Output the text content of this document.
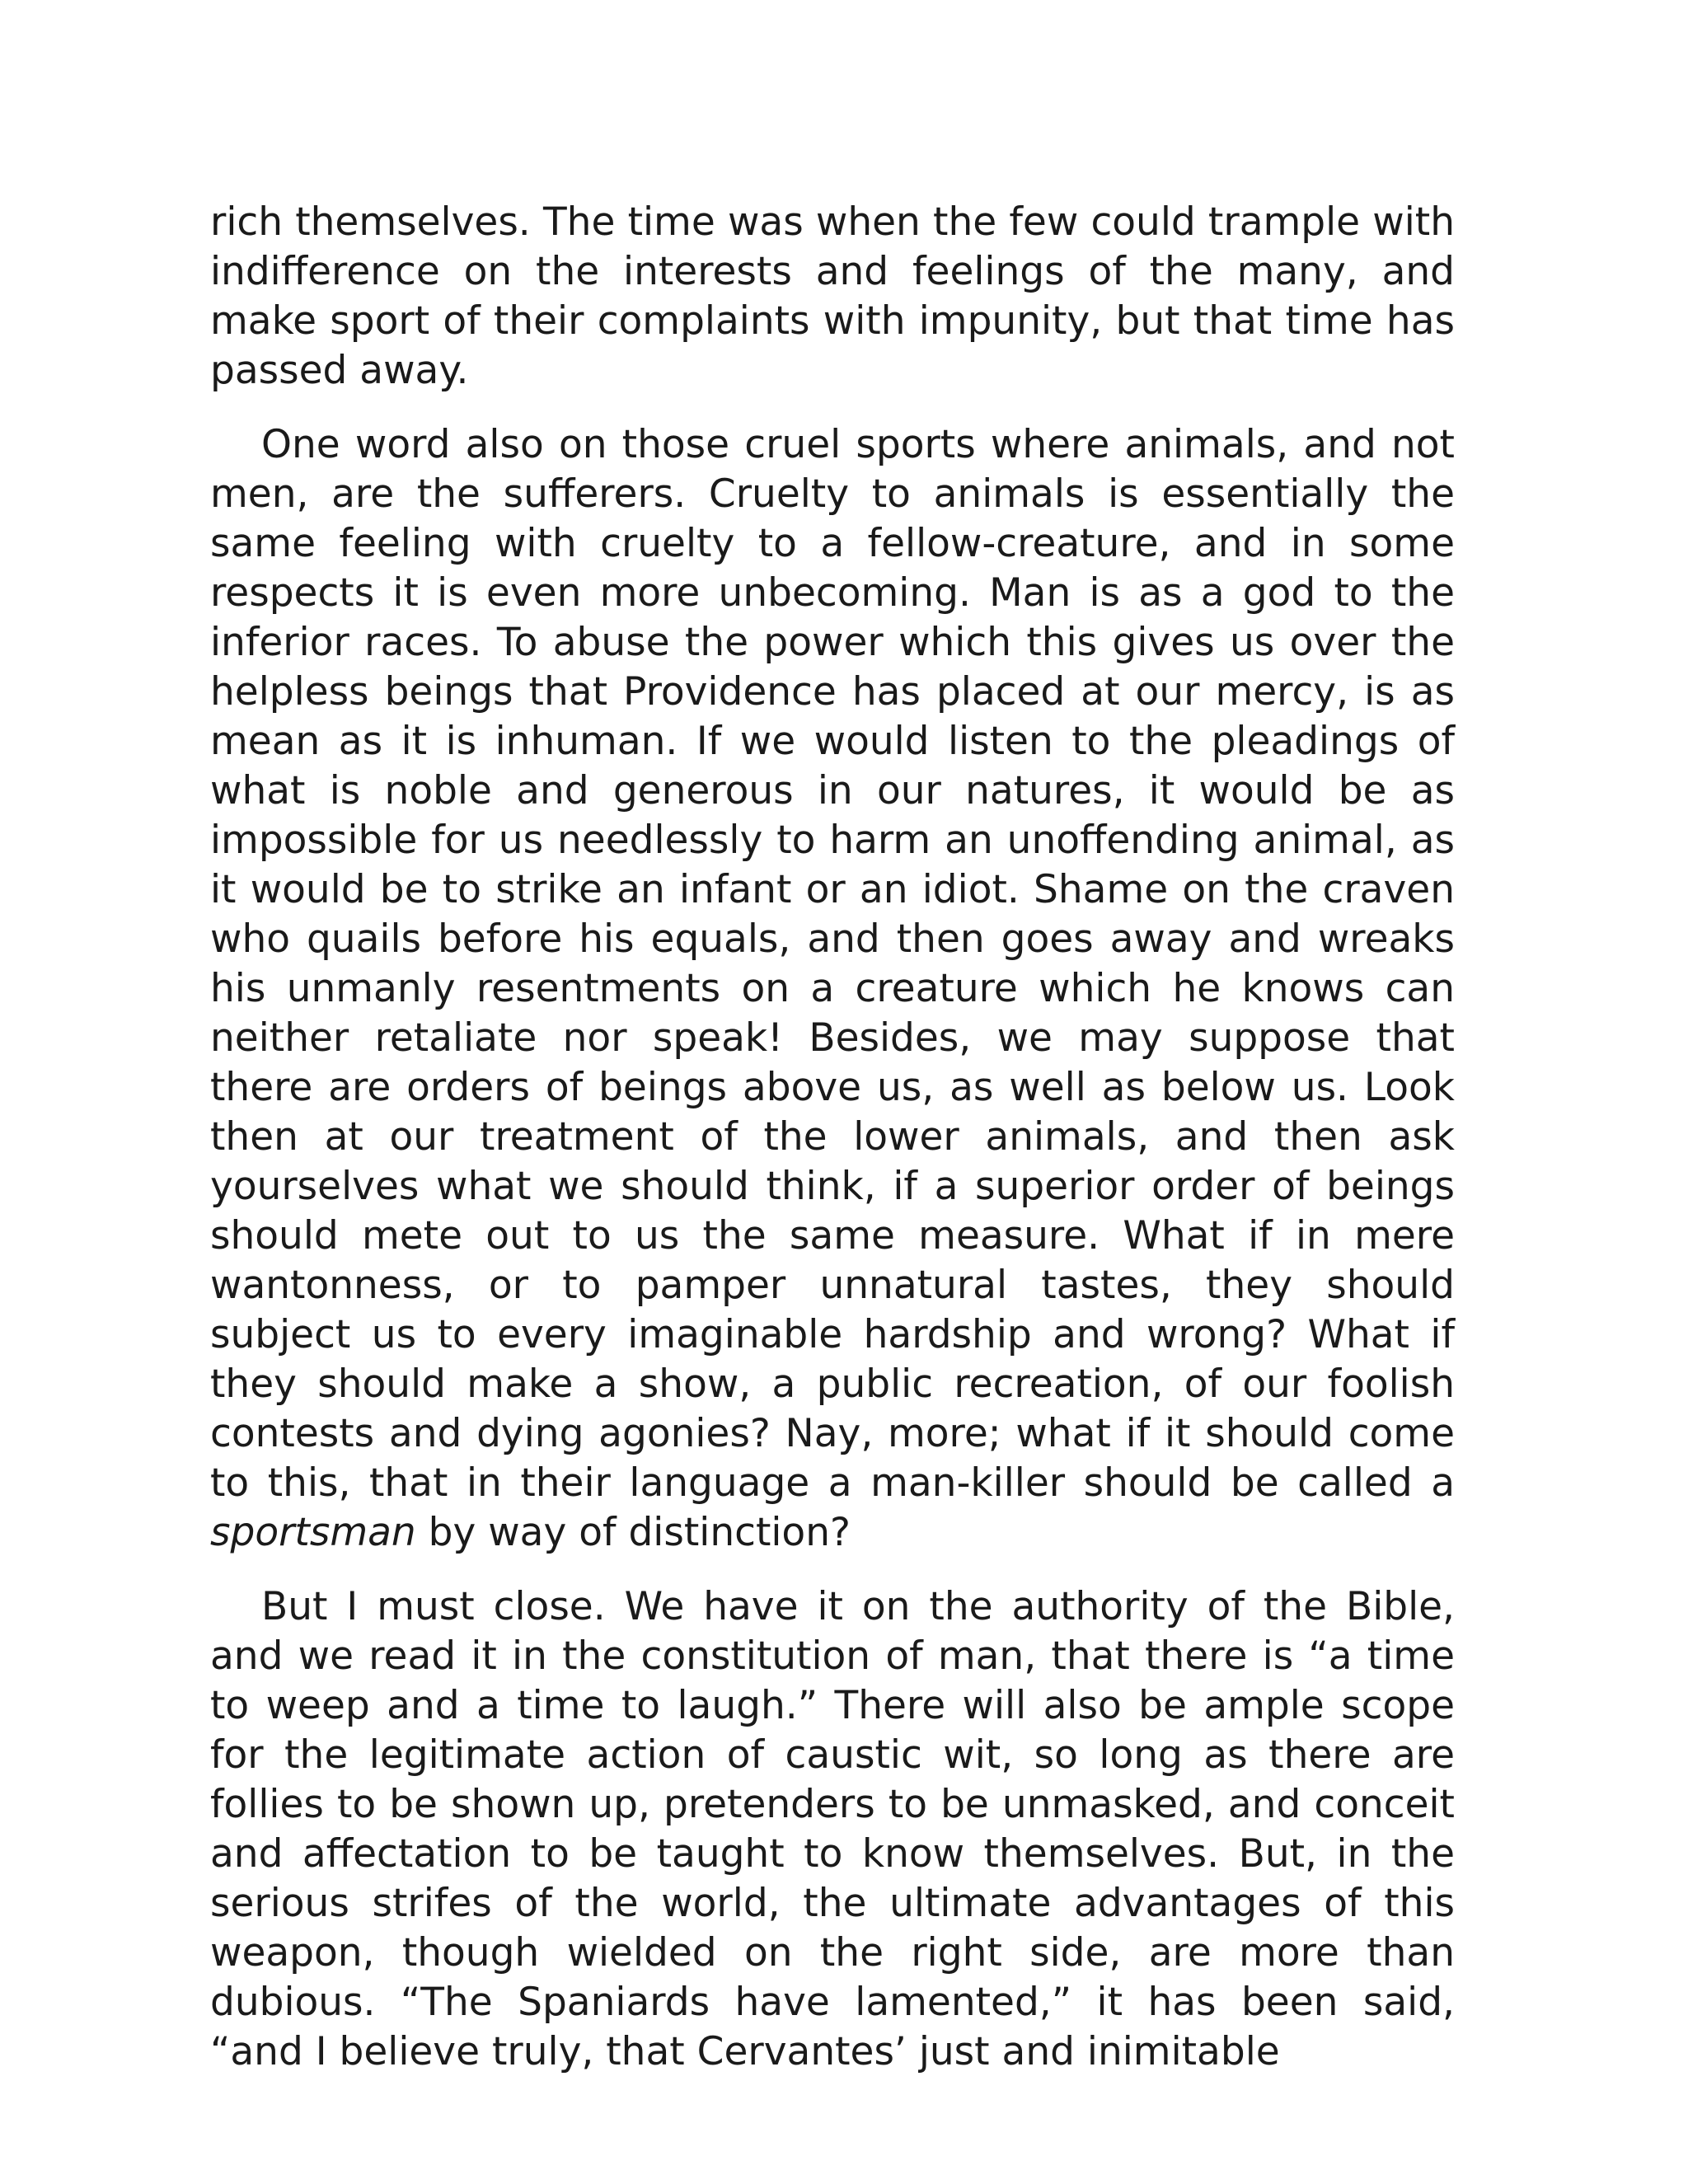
rich themselves. The time was when the few could trample with indifference on the interests and feelings of the many, and make sport of their complaints with impunity, but that time has passed away.

One word also on those cruel sports where animals, and not men, are the sufferers. Cruelty to animals is essentially the same feeling with cruelty to a fellow-creature, and in some respects it is even more unbecoming. Man is as a god to the inferior races. To abuse the power which this gives us over the helpless beings that Providence has placed at our mercy, is as mean as it is inhuman. If we would listen to the pleadings of what is noble and generous in our natures, it would be as impossible for us needlessly to harm an unoffending animal, as it would be to strike an infant or an idiot. Shame on the craven who quails before his equals, and then goes away and wreaks his unmanly resentments on a creature which he knows can neither retaliate nor speak! Besides, we may suppose that there are orders of beings above us, as well as below us. Look then at our treatment of the lower animals, and then ask yourselves what we should think, if a superior order of beings should mete out to us the same measure. What if in mere wantonness, or to pamper unnatural tastes, they should subject us to every imaginable hardship and wrong? What if they should make a show, a public recreation, of our foolish contests and dying agonies? Nay, more; what if it should come to this, that in their language a man-killer should be called a sportsman by way of distinction?

But I must close. We have it on the authority of the Bible, and we read it in the constitution of man, that there is “a time to weep and a time to laugh.” There will also be ample scope for the legitimate action of caustic wit, so long as there are follies to be shown up, pretenders to be unmasked, and conceit and affectation to be taught to know themselves. But, in the serious strifes of the world, the ultimate advantages of this weapon, though wielded on the right side, are more than dubious. “The Spaniards have lamented,” it has been said, “and I believe truly, that Cervantes’ just and inimitable
